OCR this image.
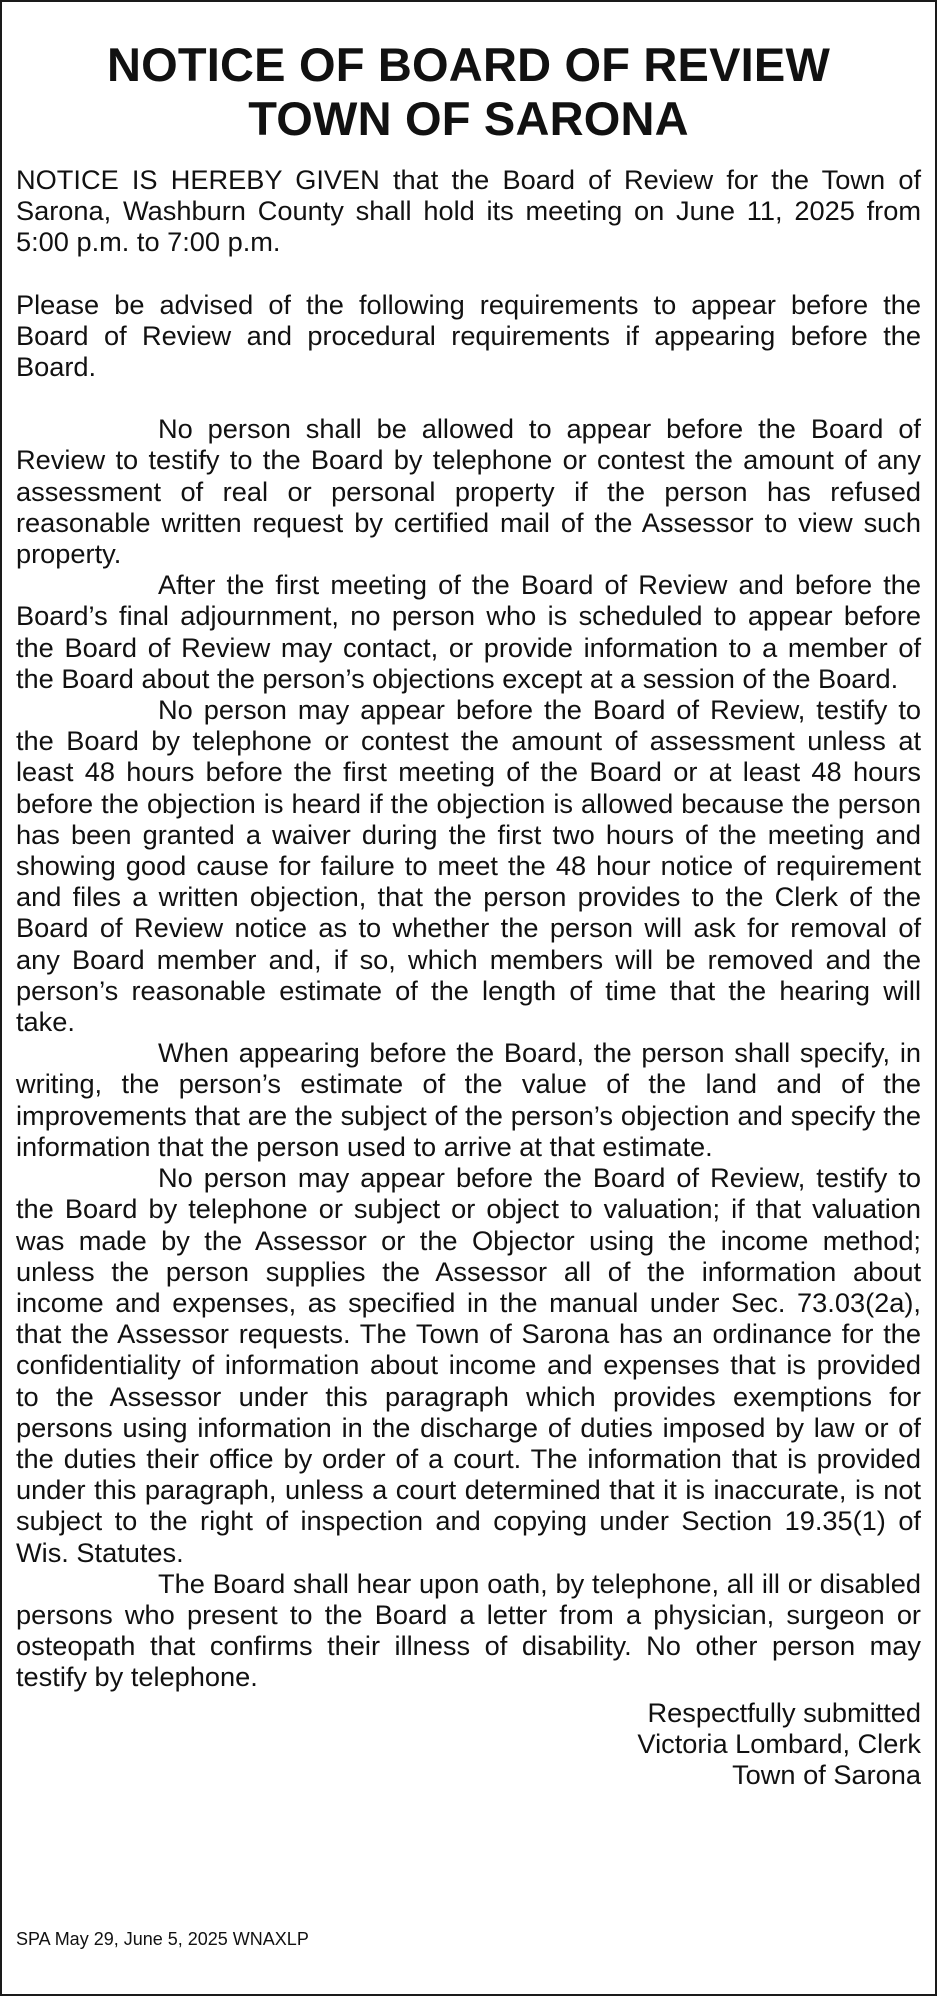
NOTICE OF BOARD OF REVIEW
TOWN OF SARONA

NOTICE IS HEREBY GIVEN that the Board of Review for the Town of Sarona, Washburn County shall hold its meeting on June 11, 2025 from 5:00 p.m. to 7:00 p.m.

Please be advised of the following requirements to appear before the Board of Review and procedural requirements if appearing before the Board.

No person shall be allowed to appear before the Board of Review to testify to the Board by telephone or contest the amount of any assessment of real or personal property if the person has refused reasonable written request by certified mail of the Assessor to view such property.

After the first meeting of the Board of Review and before the Board’s final adjournment, no person who is scheduled to appear before the Board of Review may contact, or provide information to a member of the Board about the person’s objections except at a session of the Board.

No person may appear before the Board of Review, testify to the Board by telephone or contest the amount of assessment unless at least 48 hours before the first meeting of the Board or at least 48 hours before the objection is heard if the objection is allowed because the person has been granted a waiver during the first two hours of the meeting and showing good cause for failure to meet the 48 hour notice of requirement and files a written objection, that the person provides to the Clerk of the Board of Review notice as to whether the person will ask for removal of any Board member and, if so, which members will be removed and the person’s reasonable estimate of the length of time that the hearing will take.

When appearing before the Board, the person shall specify, in writing, the person’s estimate of the value of the land and of the improvements that are the subject of the person’s objection and specify the information that the person used to arrive at that estimate.

No person may appear before the Board of Review, testify to the Board by telephone or subject or object to valuation; if that valuation was made by the Assessor or the Objector using the income method; unless the person supplies the Assessor all of the information about income and expenses, as specified in the manual under Sec. 73.03(2a), that the Assessor requests. The Town of Sarona has an ordinance for the confidentiality of information about income and expenses that is provided to the Assessor under this paragraph which provides exemptions for persons using information in the discharge of duties imposed by law or of the duties their office by order of a court. The information that is provided under this paragraph, unless a court determined that it is inaccurate, is not subject to the right of inspection and copying under Section 19.35(1) of Wis. Statutes.

The Board shall hear upon oath, by telephone, all ill or disabled persons who present to the Board a letter from a physician, surgeon or osteopath that confirms their illness of disability. No other person may testify by telephone.

Respectfully submitted
Victoria Lombard, Clerk
Town of Sarona
SPA May 29, June 5, 2025 WNAXLP
